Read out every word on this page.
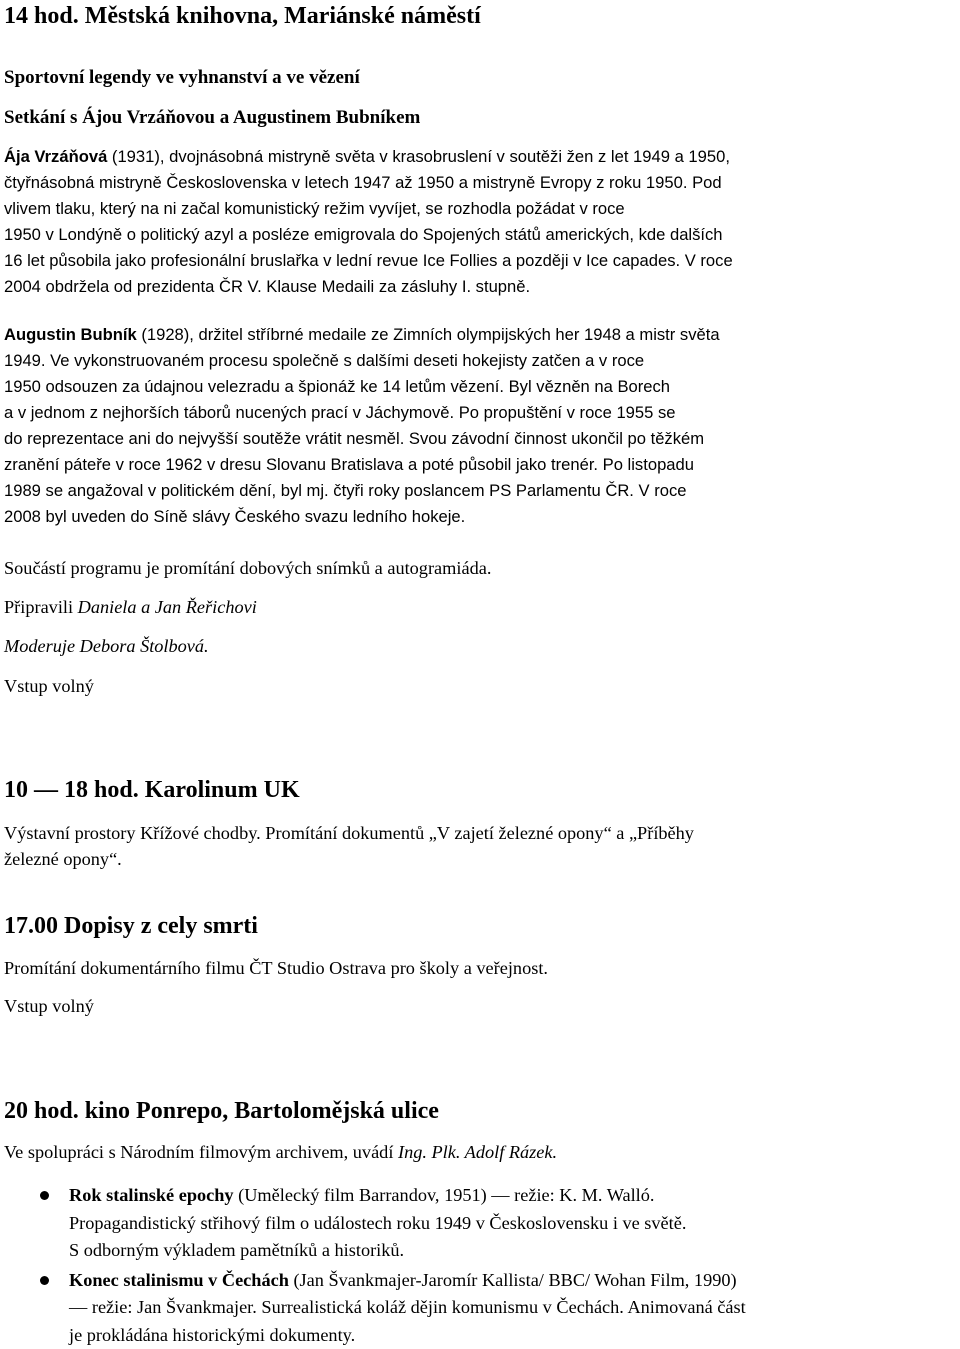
14 hod. Městská knihovna, Mariánské náměstí
Sportovní legendy ve vyhnanství a ve vězení
Setkání s Ájou Vrzáňovou a Augustinem Bubníkem
Ája Vrzáňová (1931), dvojnásobná mistryně světa v krasobruslení v soutěži žen z let 1949 a 1950,
čtyřnásobná mistryně Československa v letech 1947 až 1950 a mistryně Evropy z roku 1950. Pod
vlivem tlaku, který na ni začal komunistický režim vyvíjet, se rozhodla požádat v roce
1950 v Londýně o politický azyl a posléze emigrovala do Spojených států amerických, kde dalších
16 let působila jako profesionální bruslařka v lední revue Ice Follies a později v Ice capades. V roce
2004 obdržela od prezidenta ČR V. Klause Medaili za zásluhy I. stupně.
Augustin Bubník (1928), držitel stříbrné medaile ze Zimních olympijských her 1948 a mistr světa
1949. Ve vykonstruovaném procesu společně s dalšími deseti hokejisty zatčen a v roce
1950 odsouzen za údajnou velezradu a špionáž ke 14 letům vězení. Byl vězněn na Borech
a v jednom z nejhorších táborů nucených prací v Jáchymově. Po propuštění v roce 1955 se
do reprezentace ani do nejvyšší soutěže vrátit nesměl. Svou závodní činnost ukončil po těžkém
zranění páteře v roce 1962 v dresu Slovanu Bratislava a poté působil jako trenér. Po listopadu
1989 se angažoval v politickém dění, byl mj. čtyři roky poslancem PS Parlamentu ČR. V roce
2008 byl uveden do Síně slávy Českého svazu ledního hokeje.
Součástí programu je promítání dobových snímků a autogramiáda.
Připravili Daniela a Jan Řeřichovi
Moderuje Debora Štolbová.
Vstup volný
10 — 18 hod. Karolinum UK
Výstavní prostory Křížové chodby. Promítání dokumentů „V zajetí železné opony“ a „Příběhy
železné opony“.
17.00 Dopisy z cely smrti
Promítání dokumentárního filmu ČT Studio Ostrava pro školy a veřejnost.
Vstup volný
20 hod. kino Ponrepo, Bartolomějská ulice
Ve spolupráci s Národním filmovým archivem, uvádí Ing. Plk. Adolf Rázek.
Rok stalinské epochy (Umělecký film Barrandov, 1951) — režie: K. M. Walló.
Propagandistický střihový film o událostech roku 1949 v Československu i ve světě.
S odborným výkladem pamětníků a historiků.
Konec stalinismu v Čechách (Jan Švankmajer-Jaromír Kallista/ BBC/ Wohan Film, 1990)
— režie: Jan Švankmajer. Surrealistická koláž dějin komunismu v Čechách. Animovaná část
je prokládána historickými dokumenty.
